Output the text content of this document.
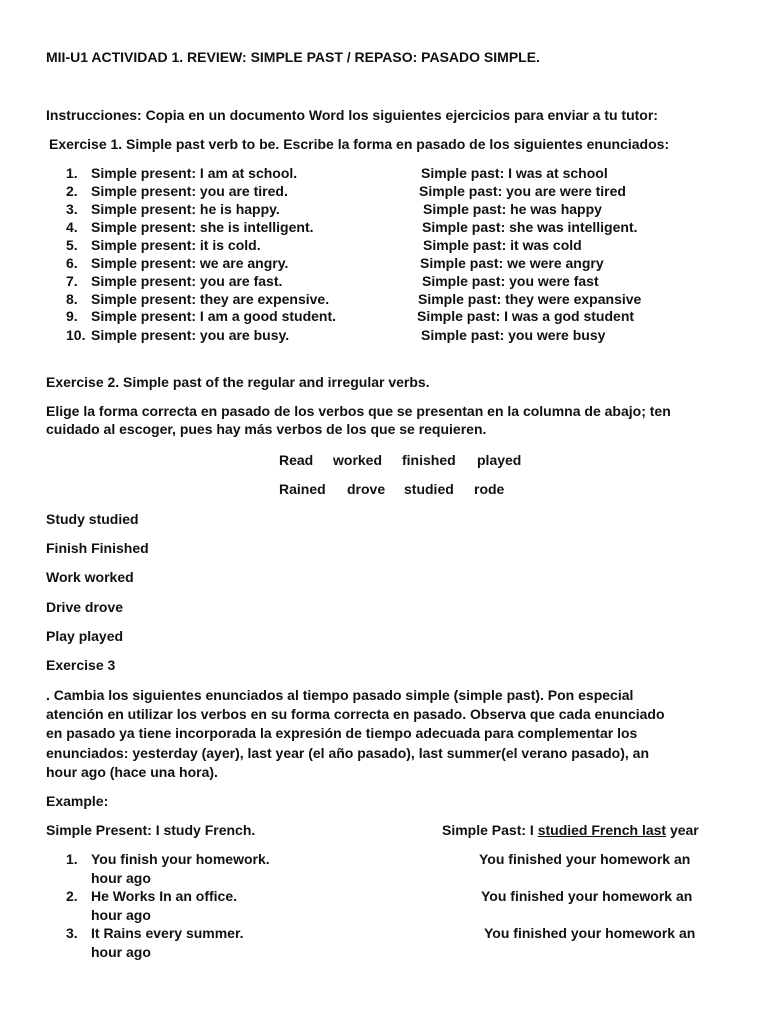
MII-U1 ACTIVIDAD 1. REVIEW: SIMPLE PAST / REPASO: PASADO SIMPLE.
Instrucciones: Copia en un documento Word los siguientes ejercicios para enviar a tu tutor:
Exercise 1. Simple past verb to be. Escribe la forma en pasado de los siguientes enunciados:
1. Simple present: I am at school.	Simple past: I was at school
2. Simple present: you are tired.	Simple past: you are were tired
3. Simple present: he is happy.	Simple past: he was happy
4. Simple present: she is intelligent.	Simple past: she was intelligent.
5. Simple present: it is cold.	Simple past: it was cold
6. Simple present: we are angry.	Simple past: we were angry
7. Simple present: you are fast.	Simple past: you were fast
8. Simple present: they are expensive.	Simple past: they were expansive
9. Simple present: I am a good student.	Simple past: I was a god student
10. Simple present: you are busy.	Simple past: you were busy
Exercise 2. Simple past of the regular and irregular verbs.
Elige la forma correcta en pasado de los verbos que se presentan en la columna de abajo; ten
cuidado al escoger, pues hay más verbos de los que se requieren.
Read worked finished played
Rained drove studied rode
Study studied
Finish Finished
Work worked
Drive drove
Play played
Exercise 3
. Cambia los siguientes enunciados al tiempo pasado simple (simple past). Pon especial
atención en utilizar los verbos en su forma correcta en pasado. Observa que cada enunciado
en pasado ya tiene incorporada la expresión de tiempo adecuada para complementar los
enunciados: yesterday (ayer), last year (el año pasado), last summer(el verano pasado), an
hour ago (hace una hora).
Example:
Simple Present: I study French.	Simple Past: I studied French last year
1. You finish your homework.	You finished your homework an
hour ago
2. He Works In an office.	You finished your homework an
hour ago
3. It Rains every summer.	You finished your homework an
hour ago
